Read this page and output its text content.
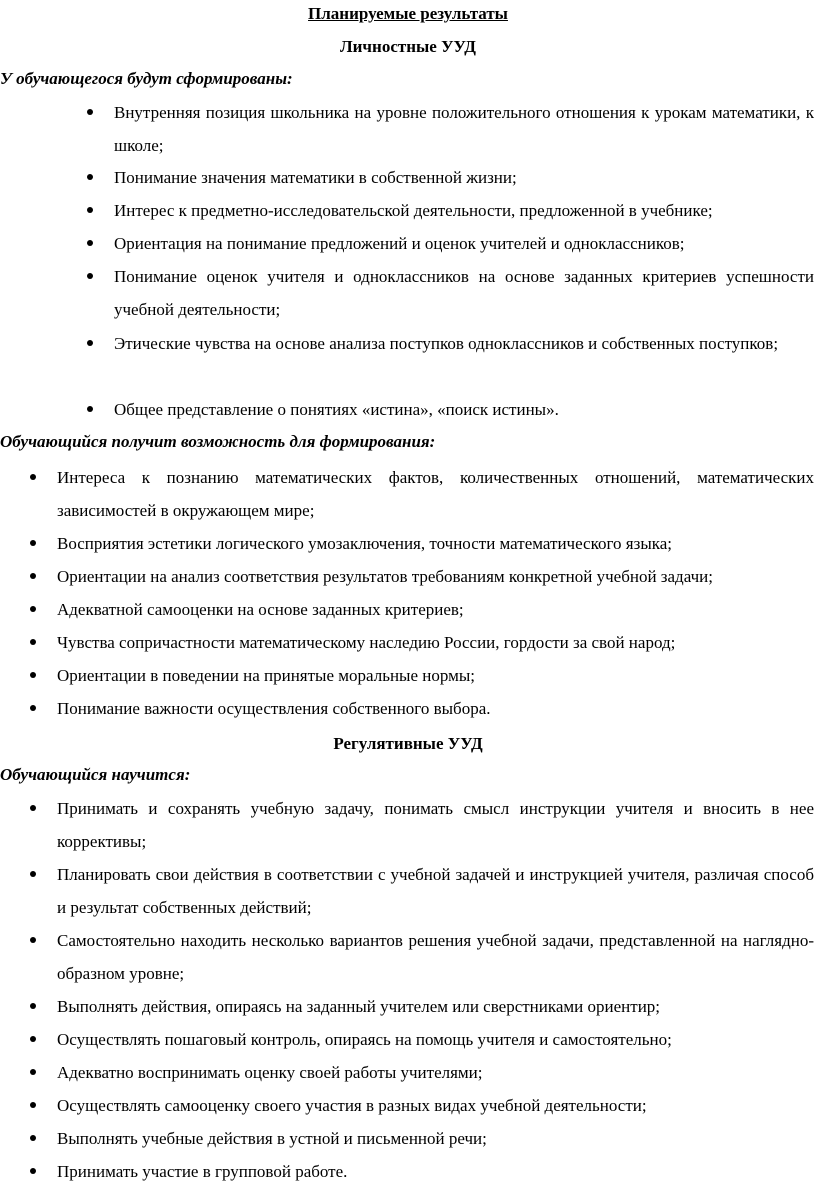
Планируемые результаты
Личностные УУД
У обучающегося будут сформированы:
Внутренняя позиция школьника на уровне положительного отношения к урокам математики, к школе;
Понимание значения математики в собственной жизни;
Интерес к предметно-исследовательской деятельности, предложенной в учебнике;
Ориентация на понимание предложений и оценок учителей и одноклассников;
Понимание оценок учителя и одноклассников на основе заданных критериев успешности учебной деятельности;
Этические чувства на основе анализа поступков одноклассников и собственных поступков;
Общее представление о понятиях «истина», «поиск истины».
Обучающийся получит возможность для формирования:
Интереса к познанию математических фактов, количественных отношений, математических зависимостей в окружающем мире;
Восприятия эстетики логического умозаключения, точности математического языка;
Ориентации на анализ соответствия результатов требованиям конкретной учебной задачи;
Адекватной самооценки на основе заданных критериев;
Чувства сопричастности математическому наследию России, гордости за свой народ;
Ориентации в поведении на принятые моральные нормы;
Понимание важности осуществления собственного выбора.
Регулятивные УУД
Обучающийся научится:
Принимать и сохранять учебную задачу, понимать смысл инструкции учителя и вносить в нее коррективы;
Планировать свои действия в соответствии с учебной задачей и инструкцией учителя, различая способ и результат собственных действий;
Самостоятельно находить несколько вариантов решения учебной задачи, представленной на наглядно-образном уровне;
Выполнять действия, опираясь на заданный учителем или сверстниками ориентир;
Осуществлять пошаговый контроль, опираясь на помощь учителя и самостоятельно;
Адекватно воспринимать оценку своей работы учителями;
Осуществлять самооценку своего участия в разных видах учебной деятельности;
Выполнять учебные действия в устной и письменной речи;
Принимать участие в групповой работе.
